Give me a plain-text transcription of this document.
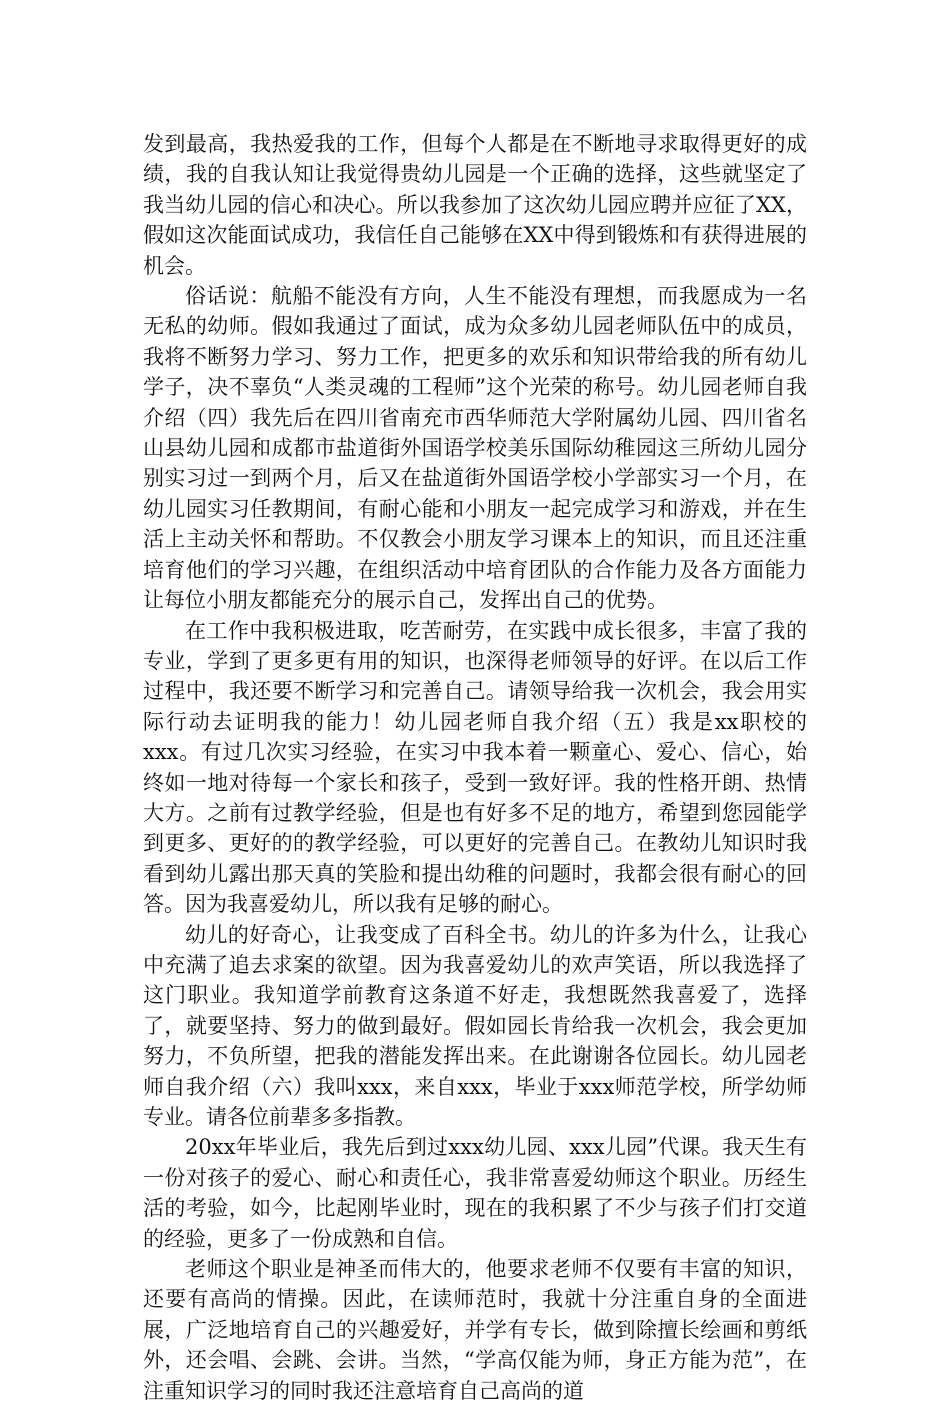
发到最高，我热爱我的工作，但每个人都是在不断地寻求取得更好的成绩，我的自我认知让我觉得贵幼儿园是一个正确的选择，这些就坚定了我当幼儿园的信心和决心。所以我参加了这次幼儿园应聘并应征了XX，假如这次能面试成功，我信任自己能够在XX中得到锻炼和有获得进展的机会。

俗话说：航船不能没有方向，人生不能没有理想，而我愿成为一名无私的幼师。假如我通过了面试，成为众多幼儿园老师队伍中的成员，我将不断努力学习、努力工作，把更多的欢乐和知识带给我的所有幼儿学子，决不辜负“人类灵魂的工程师”这个光荣的称号。幼儿园老师自我介绍（四）我先后在四川省南充市西华师范大学附属幼儿园、四川省名山县幼儿园和成都市盐道街外国语学校美乐国际幼稚园这三所幼儿园分别实习过一到两个月，后又在盐道街外国语学校小学部实习一个月，在幼儿园实习任教期间，有耐心能和小朋友一起完成学习和游戏，并在生活上主动关怀和帮助。不仅教会小朋友学习课本上的知识，而且还注重培育他们的学习兴趣，在组织活动中培育团队的合作能力及各方面能力让每位小朋友都能充分的展示自己，发挥出自己的优势。

在工作中我积极进取，吃苦耐劳，在实践中成长很多，丰富了我的专业，学到了更多更有用的知识，也深得老师领导的好评。在以后工作过程中，我还要不断学习和完善自己。请领导给我一次机会，我会用实际行动去证明我的能力！幼儿园老师自我介绍（五）我是xx职校的xxx。有过几次实习经验，在实习中我本着一颗童心、爱心、信心，始终如一地对待每一个家长和孩子，受到一致好评。我的性格开朗、热情大方。之前有过教学经验，但是也有好多不足的地方，希望到您园能学到更多、更好的的教学经验，可以更好的完善自己。在教幼儿知识时我看到幼儿露出那天真的笑脸和提出幼稚的问题时，我都会很有耐心的回答。因为我喜爱幼儿，所以我有足够的耐心。

幼儿的好奇心，让我变成了百科全书。幼儿的许多为什么，让我心中充满了追去求案的欲望。因为我喜爱幼儿的欢声笑语，所以我选择了这门职业。我知道学前教育这条道不好走，我想既然我喜爱了，选择了，就要坚持、努力的做到最好。假如园长肯给我一次机会，我会更加努力，不负所望，把我的潜能发挥出来。在此谢谢各位园长。幼儿园老师自我介绍（六）我叫xxx，来自xxx，毕业于xxx师范学校，所学幼师专业。请各位前辈多多指教。

20xx年毕业后，我先后到过xxx幼儿园、xxx儿园”代课。我天生有一份对孩子的爱心、耐心和责任心，我非常喜爱幼师这个职业。历经生活的考验，如今，比起刚毕业时，现在的我积累了不少与孩子们打交道的经验，更多了一份成熟和自信。

老师这个职业是神圣而伟大的，他要求老师不仅要有丰富的知识，还要有高尚的情操。因此，在读师范时，我就十分注重自身的全面进展，广泛地培育自己的兴趣爱好，并学有专长，做到除擅长绘画和剪纸外，还会唱、会跳、会讲。当然，“学高仅能为师，身正方能为范”，在注重知识学习的同时我还注意培育自己高尚的道
